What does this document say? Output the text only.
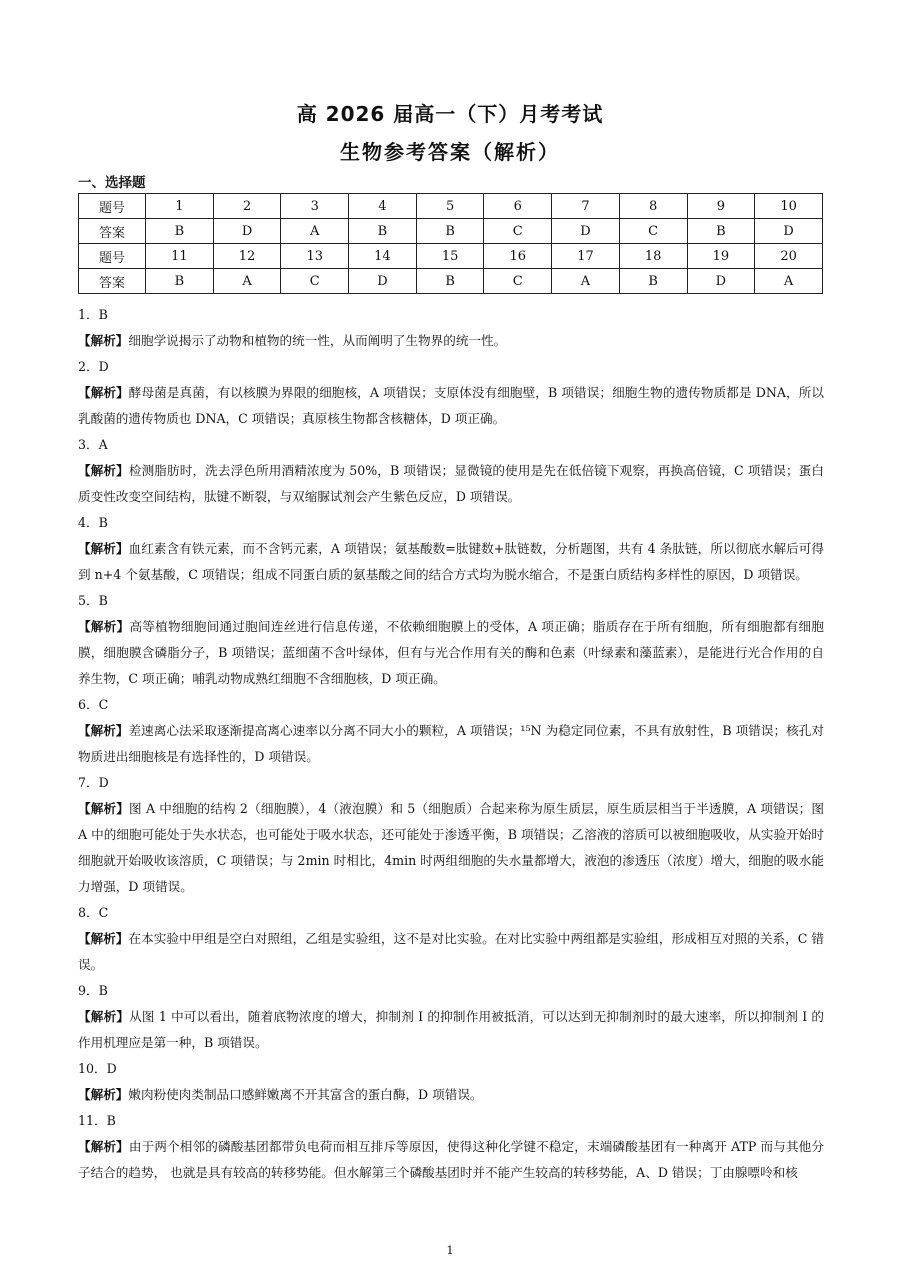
高 2026 届高一（下）月考考试
生物参考答案（解析）
一、选择题
题号	1	2	3	4	5	6	7	8	9	10
答案	B	D	A	B	B	C	D	C	B	D
题号	11	12	13	14	15	16	17	18	19	20
答案	B	A	C	D	B	C	A	B	D	A

1．B

【解析】细胞学说揭示了动物和植物的统一性，从而阐明了生物界的统一性。

2．D

【解析】酵母菌是真菌，有以核膜为界限的细胞核，A 项错误；支原体没有细胞壁，B 项错误；细胞生物的遗传物质都是 DNA，所以乳酸菌的遗传物质也 DNA，C 项错误；真原核生物都含核糖体，D 项正确。

3．A

【解析】检测脂肪时，洗去浮色所用酒精浓度为 50%，B 项错误；显微镜的使用是先在低倍镜下观察，再换高倍镜，C 项错误；蛋白质变性改变空间结构，肽键不断裂，与双缩脲试剂会产生紫色反应，D 项错误。

4．B

【解析】血红素含有铁元素，而不含钙元素，A 项错误；氨基酸数=肽键数+肽链数，分析题图，共有 4 条肽链，所以彻底水解后可得到 n+4 个氨基酸，C 项错误；组成不同蛋白质的氨基酸之间的结合方式均为脱水缩合，不是蛋白质结构多样性的原因，D 项错误。

5．B

【解析】高等植物细胞间通过胞间连丝进行信息传递，不依赖细胞膜上的受体，A 项正确；脂质存在于所有细胞，所有细胞都有细胞膜，细胞膜含磷脂分子，B 项错误；蓝细菌不含叶绿体，但有与光合作用有关的酶和色素（叶绿素和藻蓝素），是能进行光合作用的自养生物，C 项正确；哺乳动物成熟红细胞不含细胞核，D 项正确。

6．C

【解析】差速离心法采取逐渐提高离心速率以分离不同大小的颗粒，A 项错误；¹⁵N 为稳定同位素，不具有放射性，B 项错误；核孔对物质进出细胞核是有选择性的，D 项错误。

7．D

【解析】图 A 中细胞的结构 2（细胞膜），4（液泡膜）和 5（细胞质）合起来称为原生质层，原生质层相当于半透膜，A 项错误；图 A 中的细胞可能处于失水状态，也可能处于吸水状态，还可能处于渗透平衡，B 项错误；乙溶液的溶质可以被细胞吸收，从实验开始时细胞就开始吸收该溶质，C 项错误；与 2min 时相比，4min 时两组细胞的失水量都增大，液泡的渗透压（浓度）增大，细胞的吸水能力增强，D 项错误。

8．C

【解析】在本实验中甲组是空白对照组，乙组是实验组，这不是对比实验。在对比实验中两组都是实验组，形成相互对照的关系，C 错误。

9．B

【解析】从图 1 中可以看出，随着底物浓度的增大，抑制剂 I 的抑制作用被抵消，可以达到无抑制剂时的最大速率，所以抑制剂 I 的作用机理应是第一种，B 项错误。

10．D

【解析】嫩肉粉使肉类制品口感鲜嫩离不开其富含的蛋白酶，D 项错误。

11．B

【解析】由于两个相邻的磷酸基团都带负电荷而相互排斥等原因，使得这种化学键不稳定，末端磷酸基团有一种离开 ATP 而与其他分子结合的趋势， 也就是具有较高的转移势能。但水解第三个磷酸基团时并不能产生较高的转移势能，A、D 错误；丁由腺嘌呤和核

1
